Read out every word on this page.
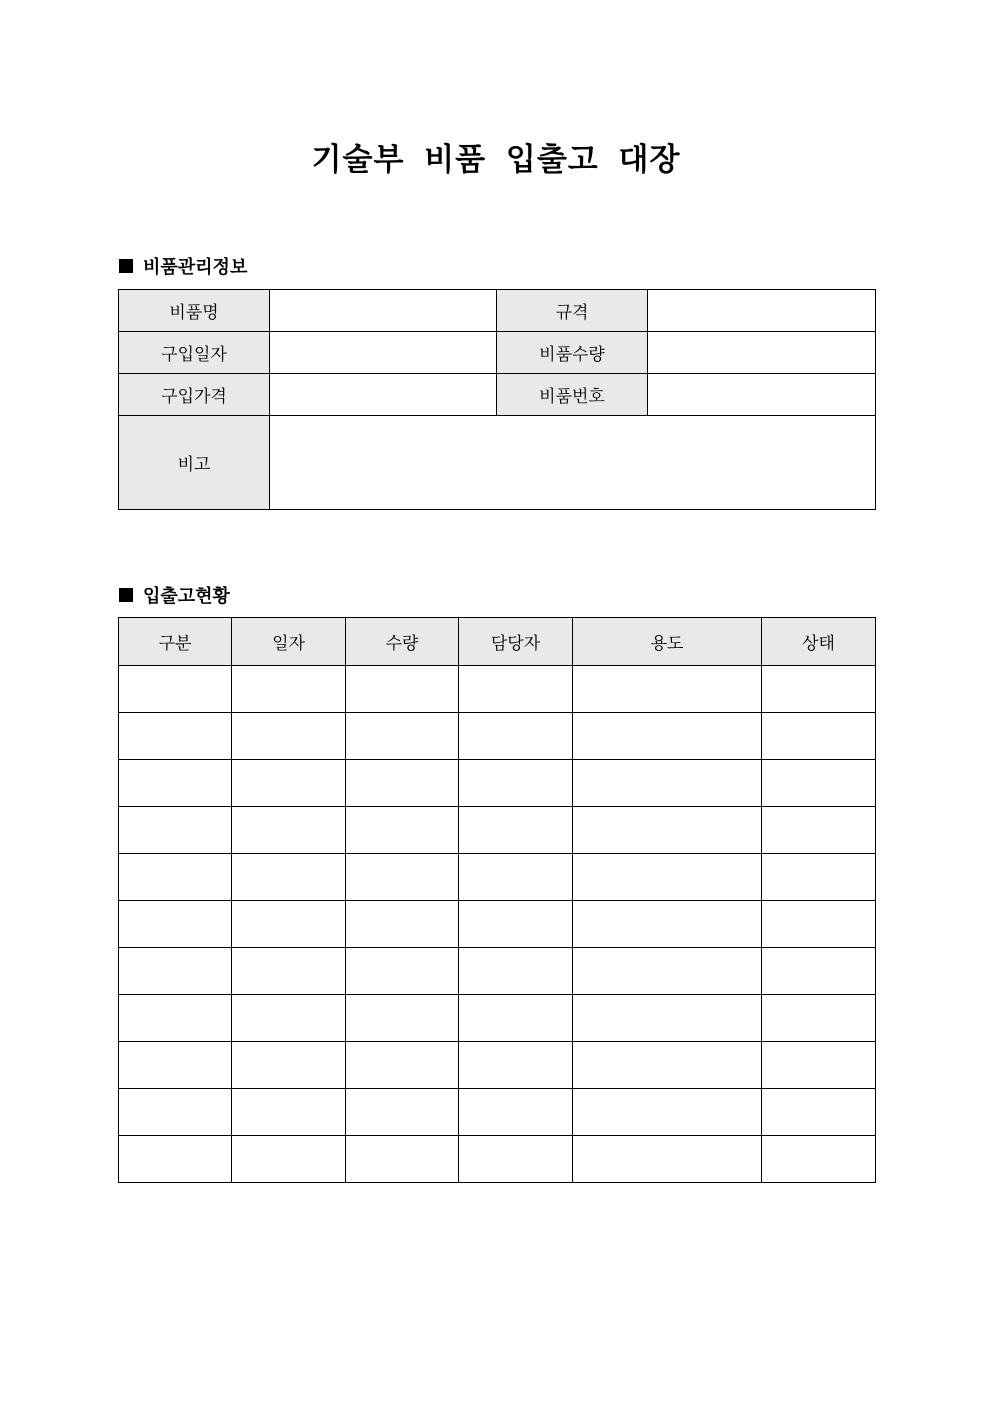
기술부 비품 입출고 대장
비품관리정보
비품명		규격	
구입일자		비품수량	
구입가격		비품번호	
비고			
입출고현황
구분	일자	수량	담당자	용도	상태
